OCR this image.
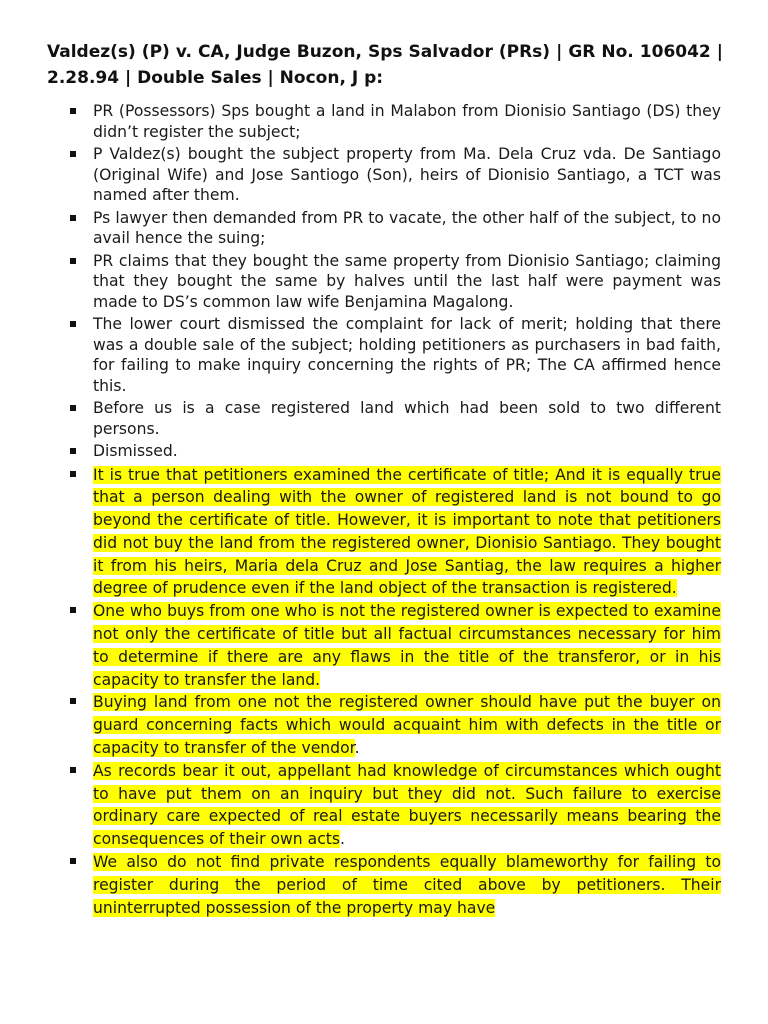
Valdez(s) (P) v. CA, Judge Buzon, Sps Salvador (PRs) | GR No. 106042 | 2.28.94 | Double Sales | Nocon, J p:
PR (Possessors) Sps bought a land in Malabon from Dionisio Santiago (DS) they didn’t register the subject;
P Valdez(s) bought the subject property from Ma. Dela Cruz vda. De Santiago (Original Wife) and Jose Santiogo (Son), heirs of Dionisio Santiago, a TCT was named after them.
Ps lawyer then demanded from PR to vacate, the other half of the subject, to no avail hence the suing;
PR claims that they bought the same property from Dionisio Santiago; claiming that they bought the same by halves until the last half were payment was made to DS’s common law wife Benjamina Magalong.
The lower court dismissed the complaint for lack of merit; holding that there was a double sale of the subject; holding petitioners as purchasers in bad faith, for failing to make inquiry concerning the rights of PR; The CA affirmed hence this.
Before us is a case registered land which had been sold to two different persons.
Dismissed.
It is true that petitioners examined the certificate of title; And it is equally true that a person dealing with the owner of registered land is not bound to go beyond the certificate of title. However, it is important to note that petitioners did not buy the land from the registered owner, Dionisio Santiago. They bought it from his heirs, Maria dela Cruz and Jose Santiag, the law requires a higher degree of prudence even if the land object of the transaction is registered.
One who buys from one who is not the registered owner is expected to examine not only the certificate of title but all factual circumstances necessary for him to determine if there are any flaws in the title of the transferor, or in his capacity to transfer the land.
Buying land from one not the registered owner should have put the buyer on guard concerning facts which would acquaint him with defects in the title or capacity to transfer of the vendor.
As records bear it out, appellant had knowledge of circumstances which ought to have put them on an inquiry but they did not. Such failure to exercise ordinary care expected of real estate buyers necessarily means bearing the consequences of their own acts.
We also do not find private respondents equally blameworthy for failing to register during the period of time cited above by petitioners. Their uninterrupted possession of the property may have
